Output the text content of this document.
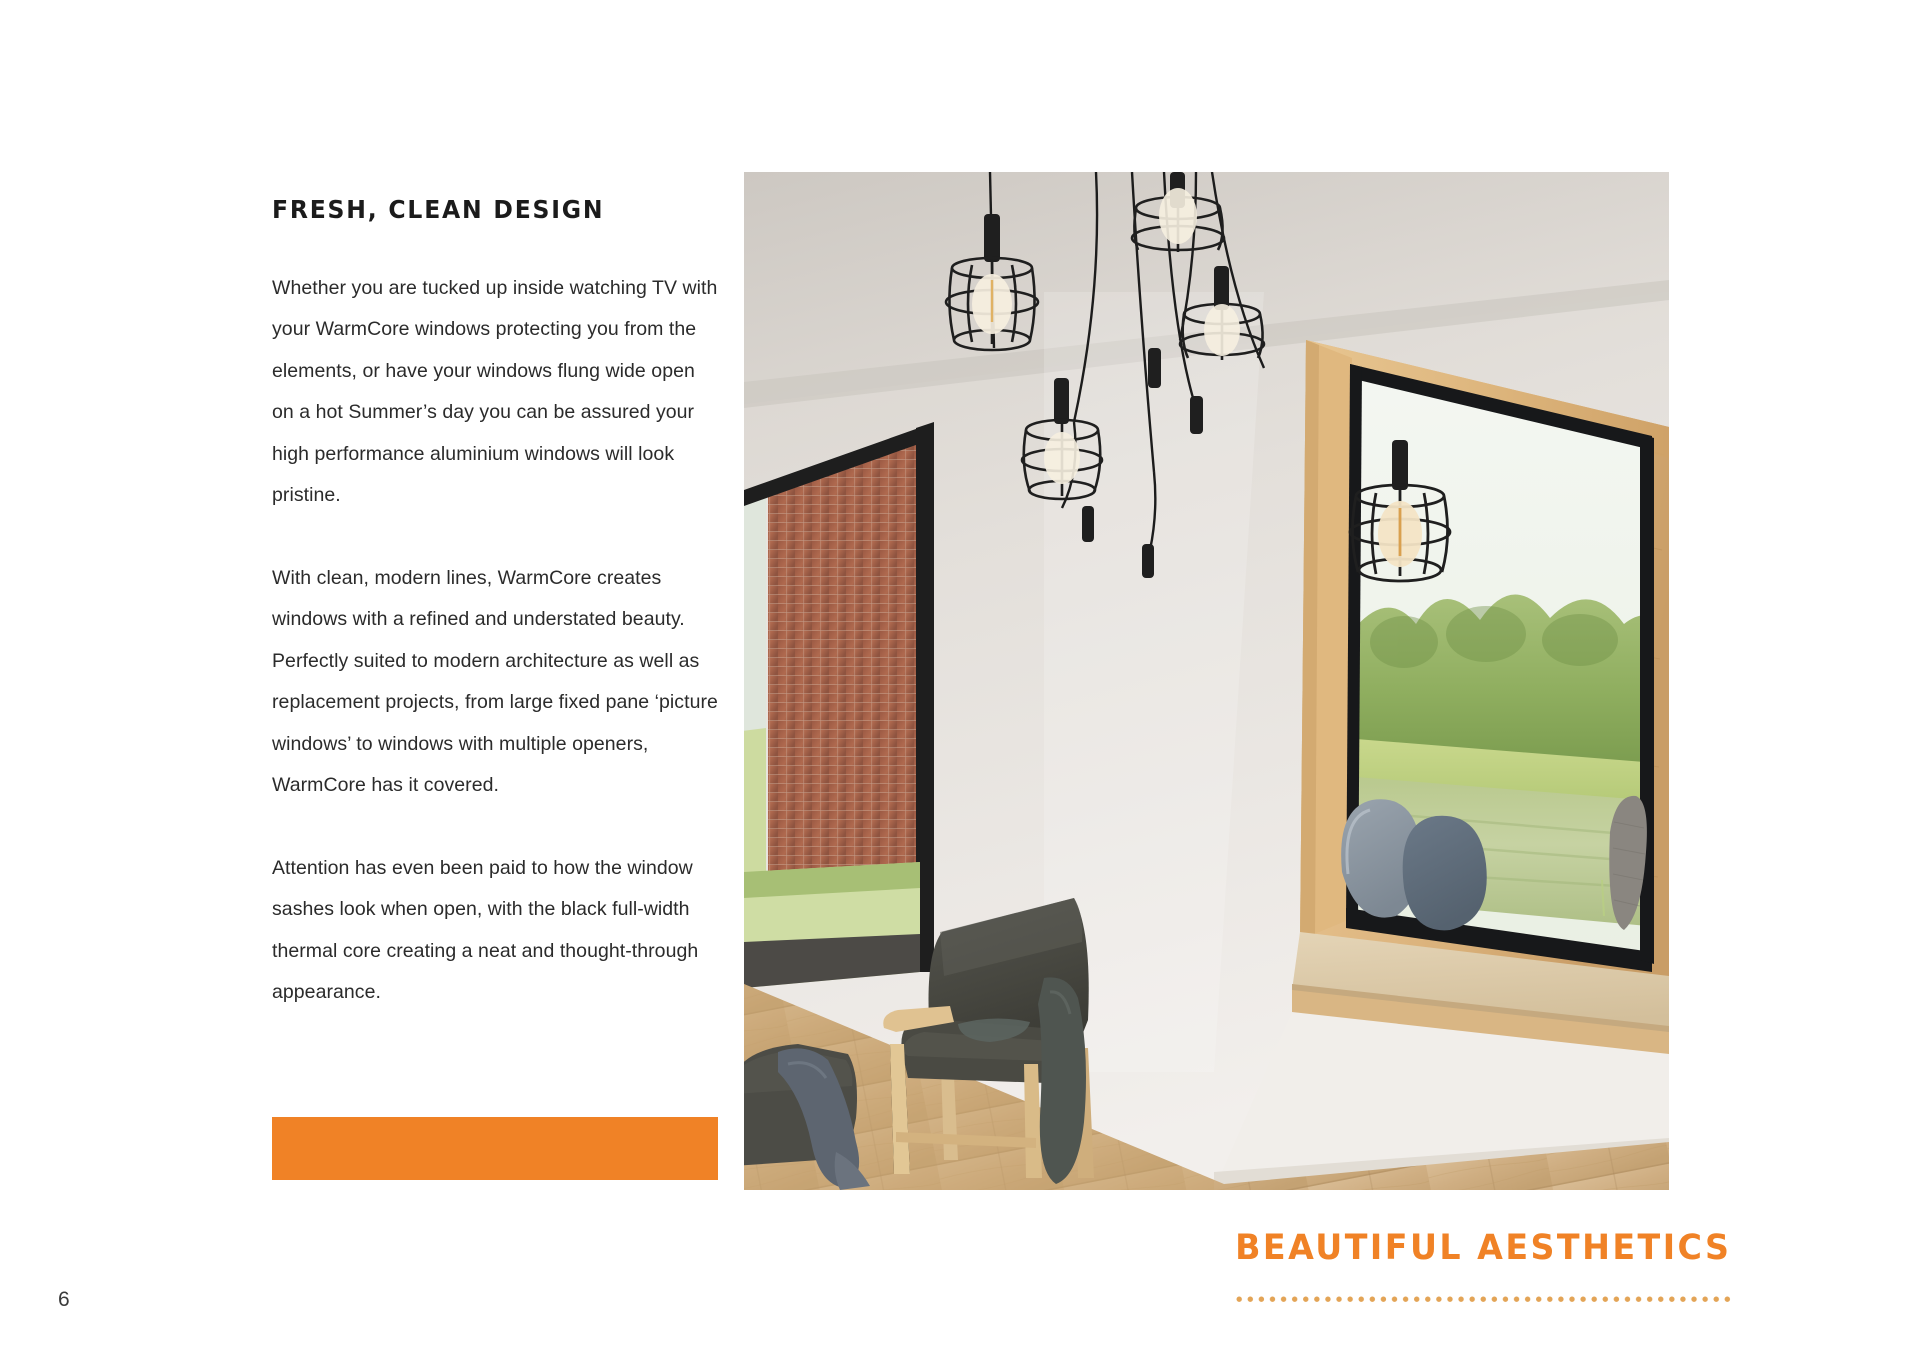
FRESH, CLEAN DESIGN

Whether you are tucked up inside watching TV with your WarmCore windows protecting you from the elements, or have your windows flung wide open on a hot Summer’s day you can be assured your high performance aluminium windows will look pristine.

With clean, modern lines, WarmCore creates windows with a refined and understated beauty. Perfectly suited to modern architecture as well as replacement projects, from large fixed pane ‘picture windows’ to windows with multiple openers, WarmCore has it covered.

Attention has even been paid to how the window sashes look when open, with the black full-width thermal core creating a neat and thought-through appearance.

BEAUTIFUL AESTHETICS
6
